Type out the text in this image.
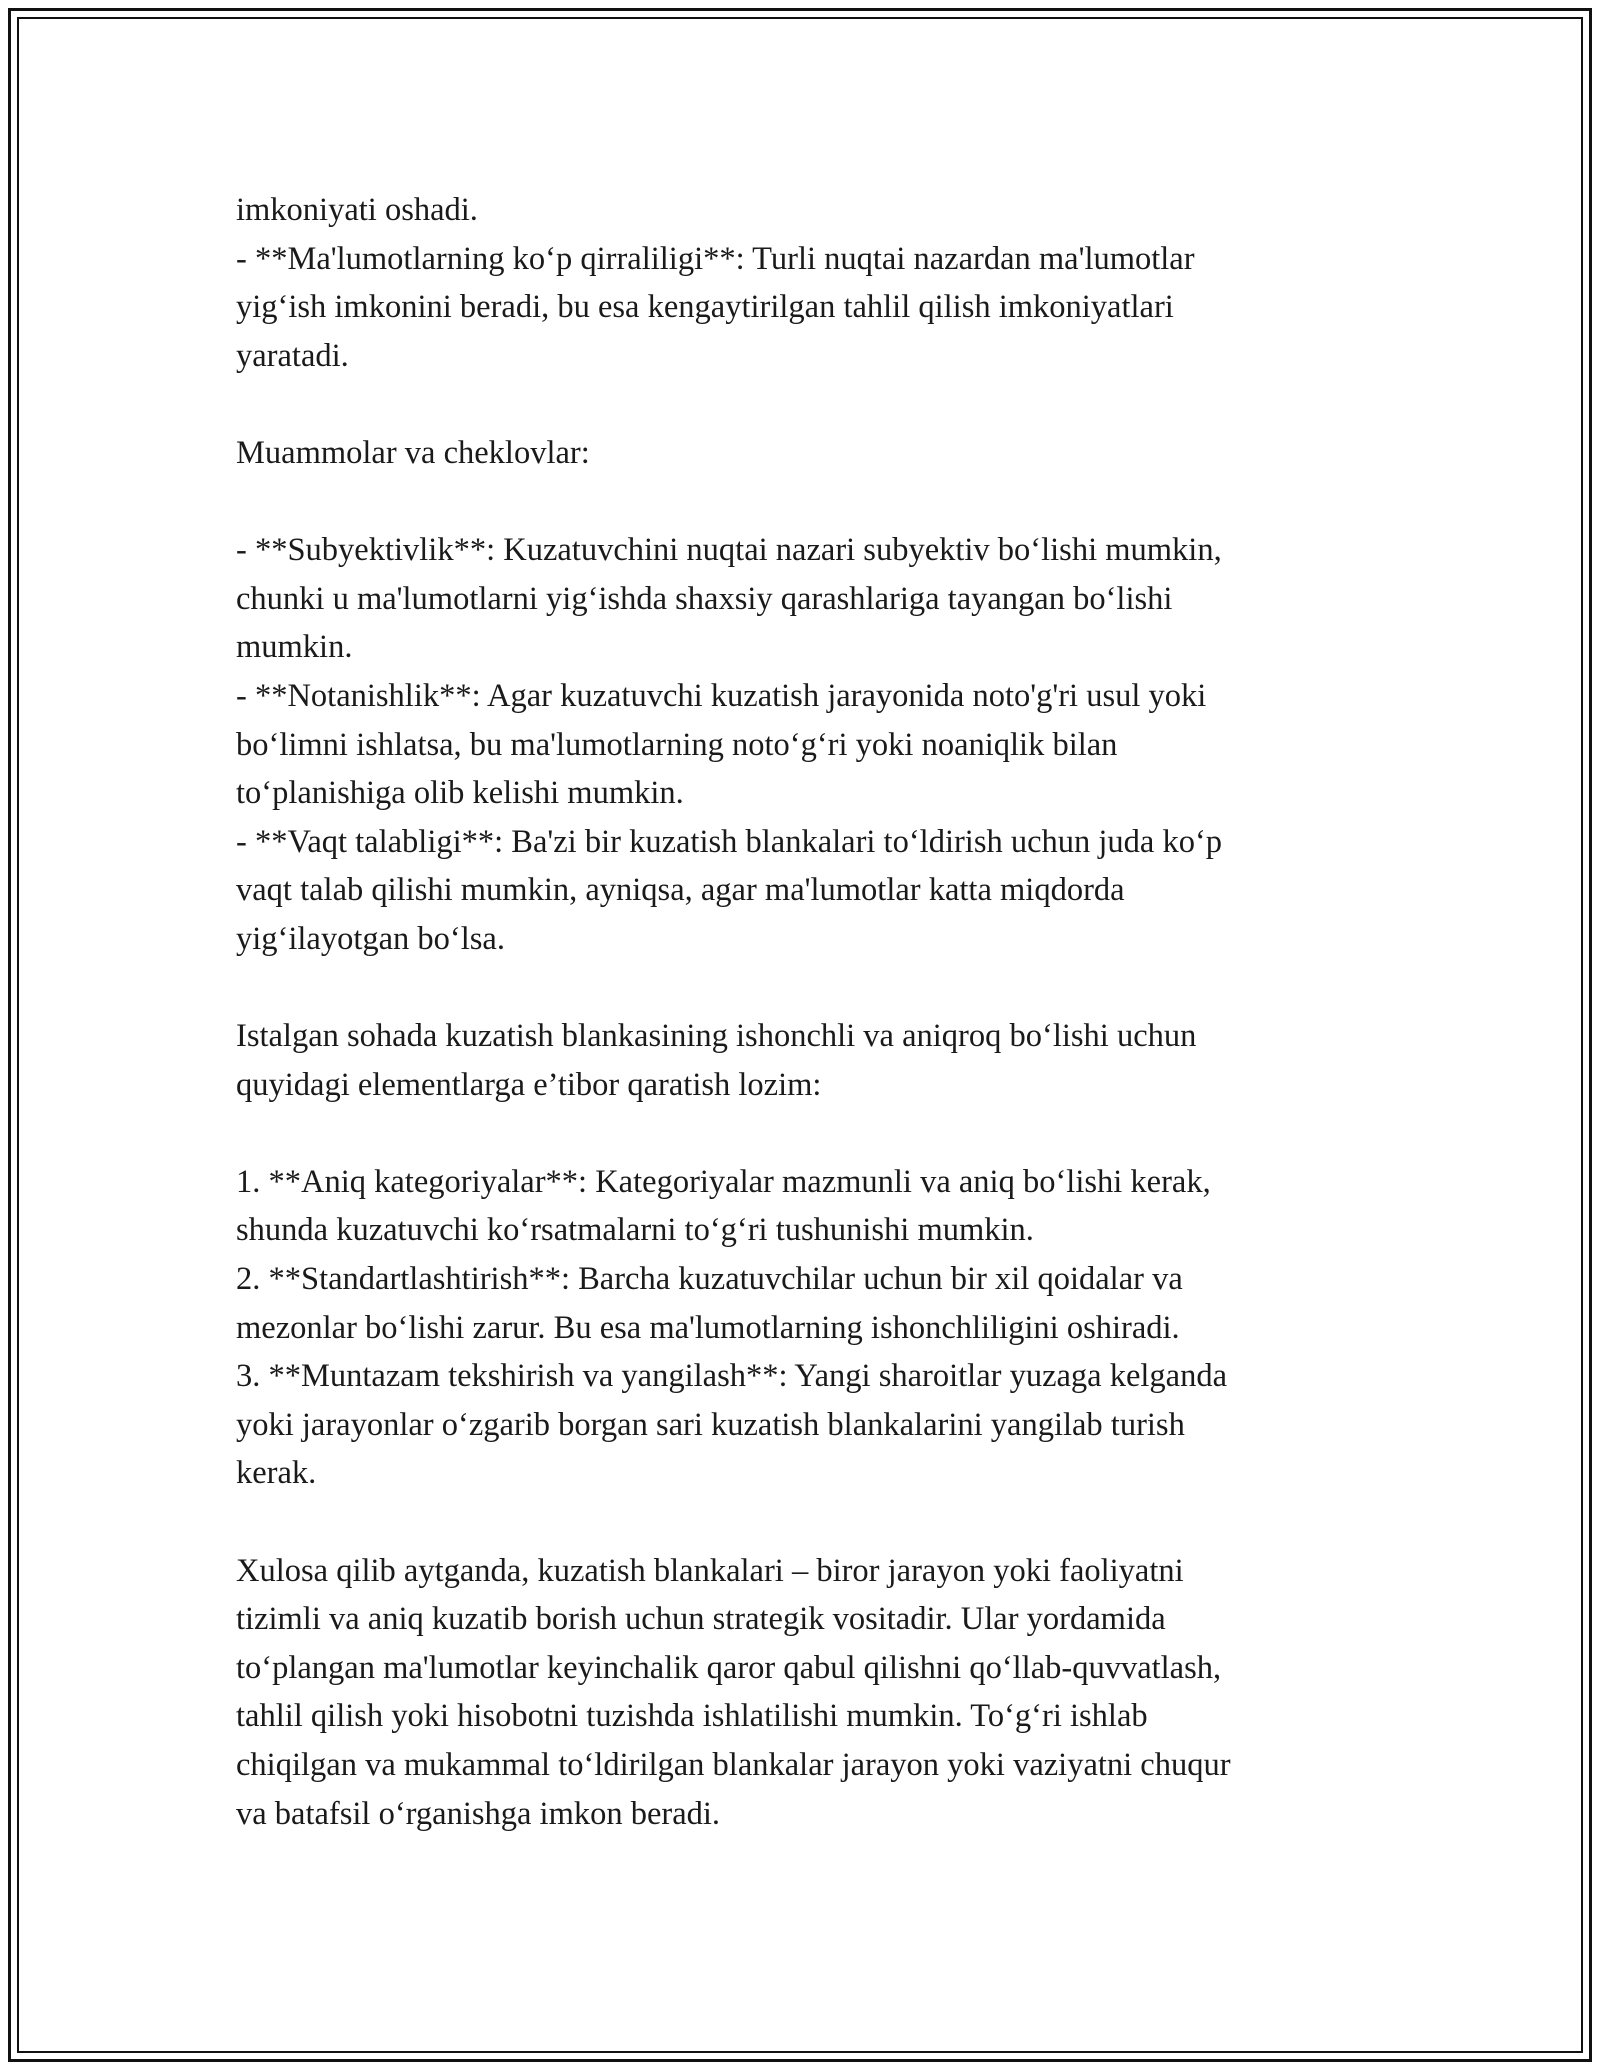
imkoniyati oshadi.
- **Ma'lumotlarning ko‘p qirraliligi**: Turli nuqtai nazardan ma'lumotlar
yig‘ish imkonini beradi, bu esa kengaytirilgan tahlil qilish imkoniyatlari
yaratadi.
Muammolar va cheklovlar:
- **Subyektivlik**: Kuzatuvchini nuqtai nazari subyektiv bo‘lishi mumkin,
chunki u ma'lumotlarni yig‘ishda shaxsiy qarashlariga tayangan bo‘lishi
mumkin.
- **Notanishlik**: Agar kuzatuvchi kuzatish jarayonida noto'g'ri usul yoki
bo‘limni ishlatsa, bu ma'lumotlarning noto‘g‘ri yoki noaniqlik bilan
to‘planishiga olib kelishi mumkin.
- **Vaqt talabligi**: Ba'zi bir kuzatish blankalari to‘ldirish uchun juda ko‘p
vaqt talab qilishi mumkin, ayniqsa, agar ma'lumotlar katta miqdorda
yig‘ilayotgan bo‘lsa.
Istalgan sohada kuzatish blankasining ishonchli va aniqroq bo‘lishi uchun
quyidagi elementlarga e’tibor qaratish lozim:
1. **Aniq kategoriyalar**: Kategoriyalar mazmunli va aniq bo‘lishi kerak,
shunda kuzatuvchi ko‘rsatmalarni to‘g‘ri tushunishi mumkin.
2. **Standartlashtirish**: Barcha kuzatuvchilar uchun bir xil qoidalar va
mezonlar bo‘lishi zarur. Bu esa ma'lumotlarning ishonchliligini oshiradi.
3. **Muntazam tekshirish va yangilash**: Yangi sharoitlar yuzaga kelganda
yoki jarayonlar o‘zgarib borgan sari kuzatish blankalarini yangilab turish
kerak.
Xulosa qilib aytganda, kuzatish blankalari – biror jarayon yoki faoliyatni
tizimli va aniq kuzatib borish uchun strategik vositadir. Ular yordamida
to‘plangan ma'lumotlar keyinchalik qaror qabul qilishni qo‘llab-quvvatlash,
tahlil qilish yoki hisobotni tuzishda ishlatilishi mumkin. To‘g‘ri ishlab
chiqilgan va mukammal to‘ldirilgan blankalar jarayon yoki vaziyatni chuqur
va batafsil o‘rganishga imkon beradi.
